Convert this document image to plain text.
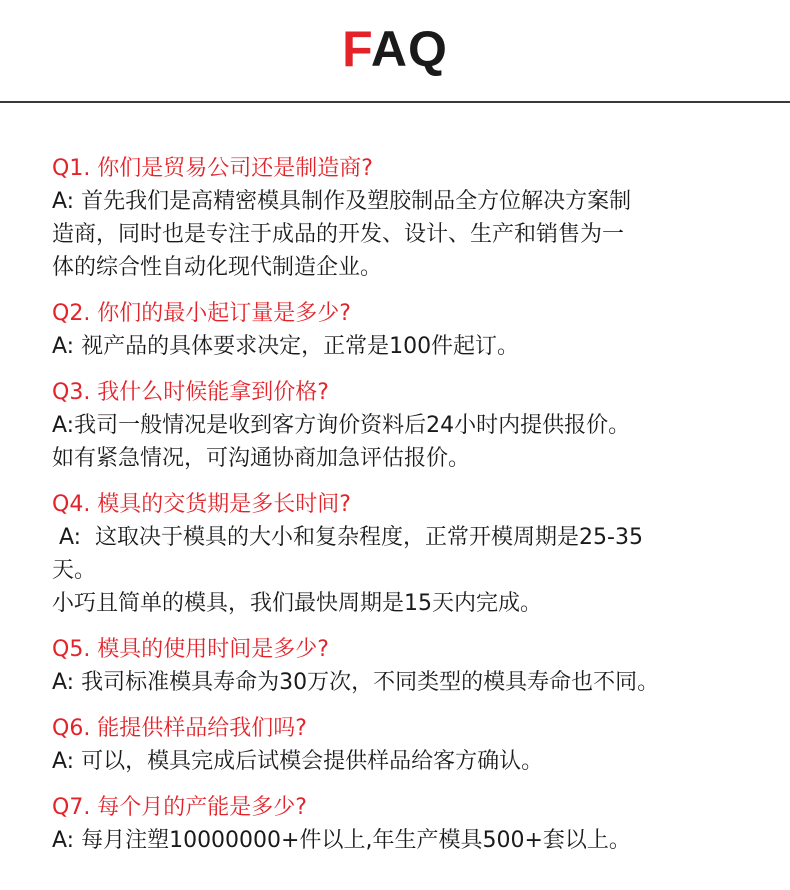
FAQ
Q1. 你们是贸易公司还是制造商?
A: 首先我们是高精密模具制作及塑胶制品全方位解决方案制
造商，同时也是专注于成品的开发、设计、生产和销售为一
体的综合性自动化现代制造企业。
Q2. 你们的最小起订量是多少?
A: 视产品的具体要求决定，正常是100件起订。
Q3. 我什么时候能拿到价格?
A:我司一般情况是收到客方询价资料后24小时内提供报价。
如有紧急情况，可沟通协商加急评估报价。
Q4. 模具的交货期是多长时间?
A:  这取决于模具的大小和复杂程度，正常开模周期是25-35
天。
小巧且简单的模具，我们最快周期是15天内完成。
Q5. 模具的使用时间是多少?
A: 我司标准模具寿命为30万次，不同类型的模具寿命也不同。
Q6. 能提供样品给我们吗?
A: 可以，模具完成后试模会提供样品给客方确认。
Q7. 每个月的产能是多少?
A: 每月注塑10000000+件以上,年生产模具500+套以上。
